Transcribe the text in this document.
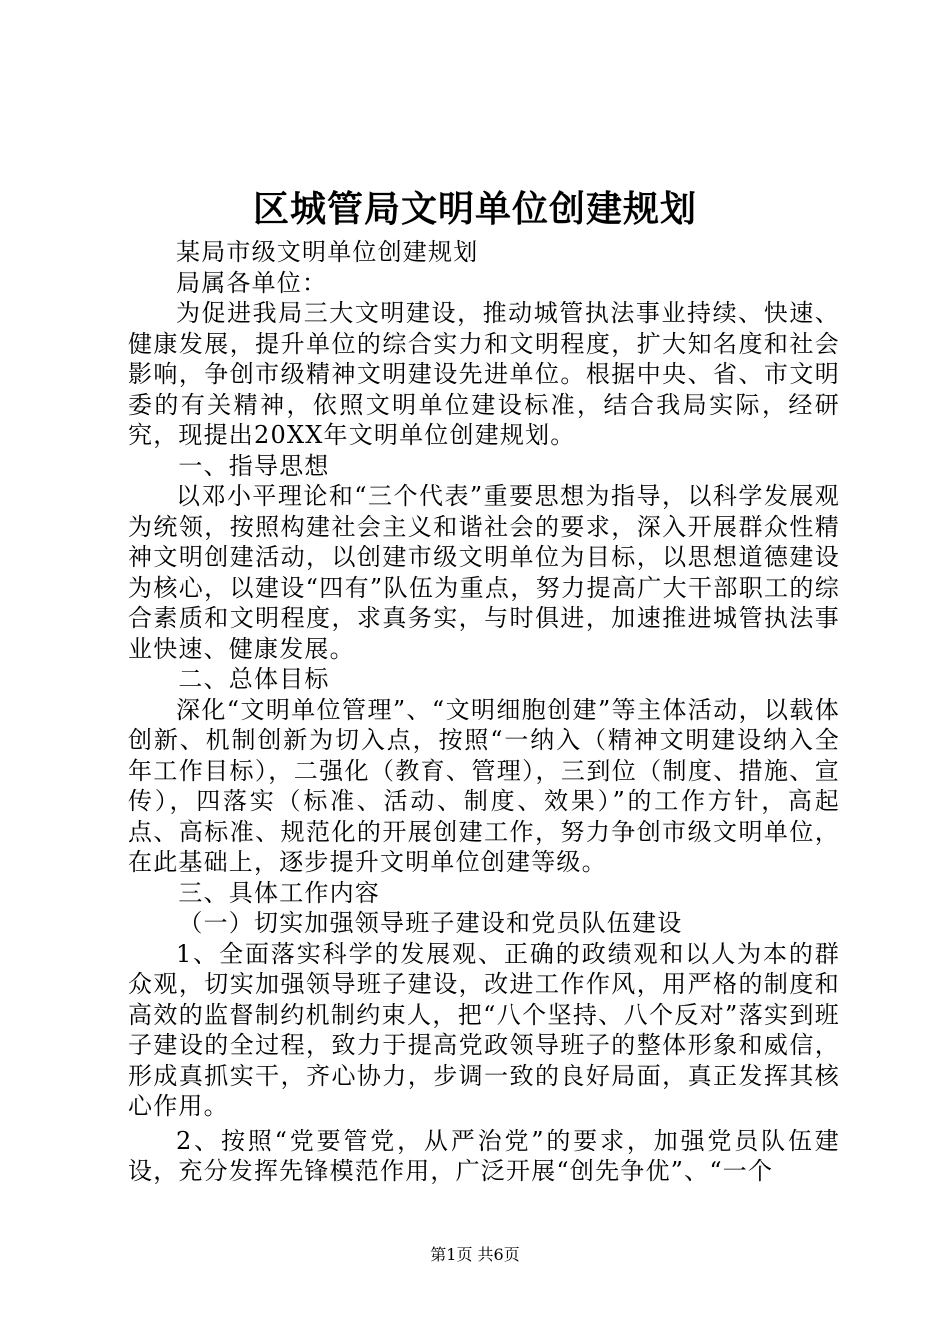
区城管局文明单位创建规划

某局市级文明单位创建规划

局属各单位：

为促进我局三大文明建设，推动城管执法事业持续、快速、健康发展，提升单位的综合实力和文明程度，扩大知名度和社会影响，争创市级精神文明建设先进单位。根据中央、省、市文明委的有关精神，依照文明单位建设标准，结合我局实际，经研究，现提出20XX年文明单位创建规划。

一、指导思想

以邓小平理论和“三个代表”重要思想为指导，以科学发展观为统领，按照构建社会主义和谐社会的要求，深入开展群众性精神文明创建活动，以创建市级文明单位为目标，以思想道德建设为核心，以建设“四有”队伍为重点，努力提高广大干部职工的综合素质和文明程度，求真务实，与时俱进，加速推进城管执法事业快速、健康发展。

二、总体目标

深化“文明单位管理”、“文明细胞创建”等主体活动，以载体创新、机制创新为切入点，按照“一纳入（精神文明建设纳入全年工作目标），二强化（教育、管理），三到位（制度、措施、宣传），四落实（标准、活动、制度、效果）”的工作方针，高起点、高标准、规范化的开展创建工作，努力争创市级文明单位，在此基础上，逐步提升文明单位创建等级。

三、具体工作内容

（一）切实加强领导班子建设和党员队伍建设

1、全面落实科学的发展观、正确的政绩观和以人为本的群众观，切实加强领导班子建设，改进工作作风，用严格的制度和高效的监督制约机制约束人，把“八个坚持、八个反对”落实到班子建设的全过程，致力于提高党政领导班子的整体形象和威信，形成真抓实干，齐心协力，步调一致的良好局面，真正发挥其核心作用。

2、按照“党要管党，从严治党”的要求，加强党员队伍建设，充分发挥先锋模范作用，广泛开展“创先争优”、“一个

第1页 共6页
